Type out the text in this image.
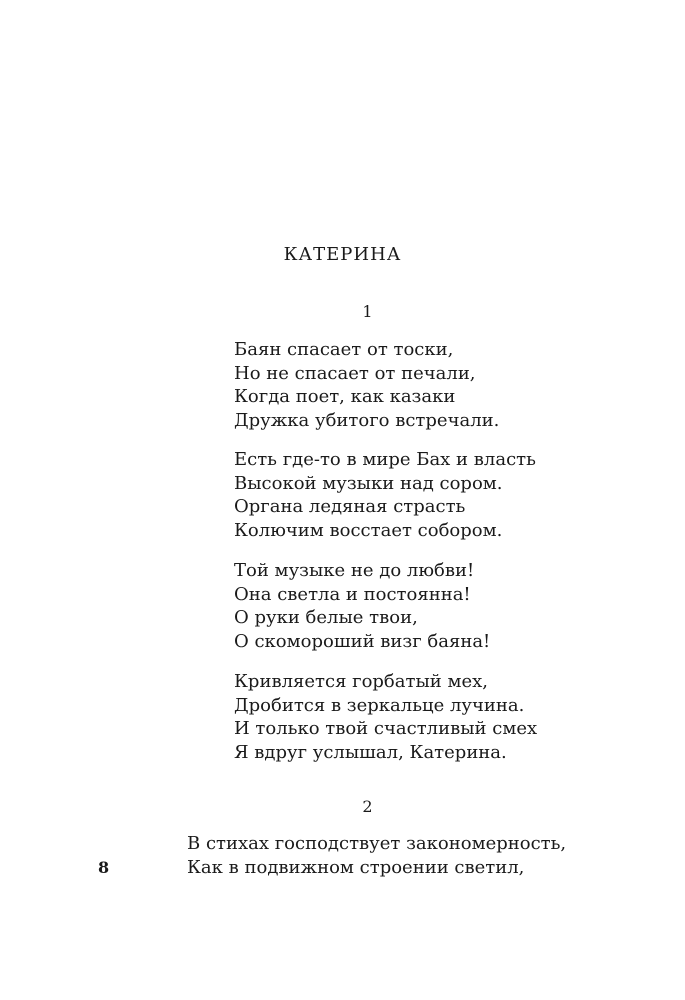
КАТЕРИНА
1
Баян спасает от тоски,
Но не спасает от печали,
Когда поет, как казаки
Дружка убитого встречали.
Есть где-то в мире Бах и власть
Высокой музыки над сором.
Органа ледяная страсть
Колючим восстает собором.
Той музыке не до любви!
Она светла и постоянна!
О руки белые твои,
О скоморoший визг баяна!
Кривляется горбатый мех,
Дробится в зеркальце лучина.
И только твой счастливый смех
Я вдруг услышал, Катерина.
2
В стихах господствует закономерность,
Как в подвижном строении светил,
8
